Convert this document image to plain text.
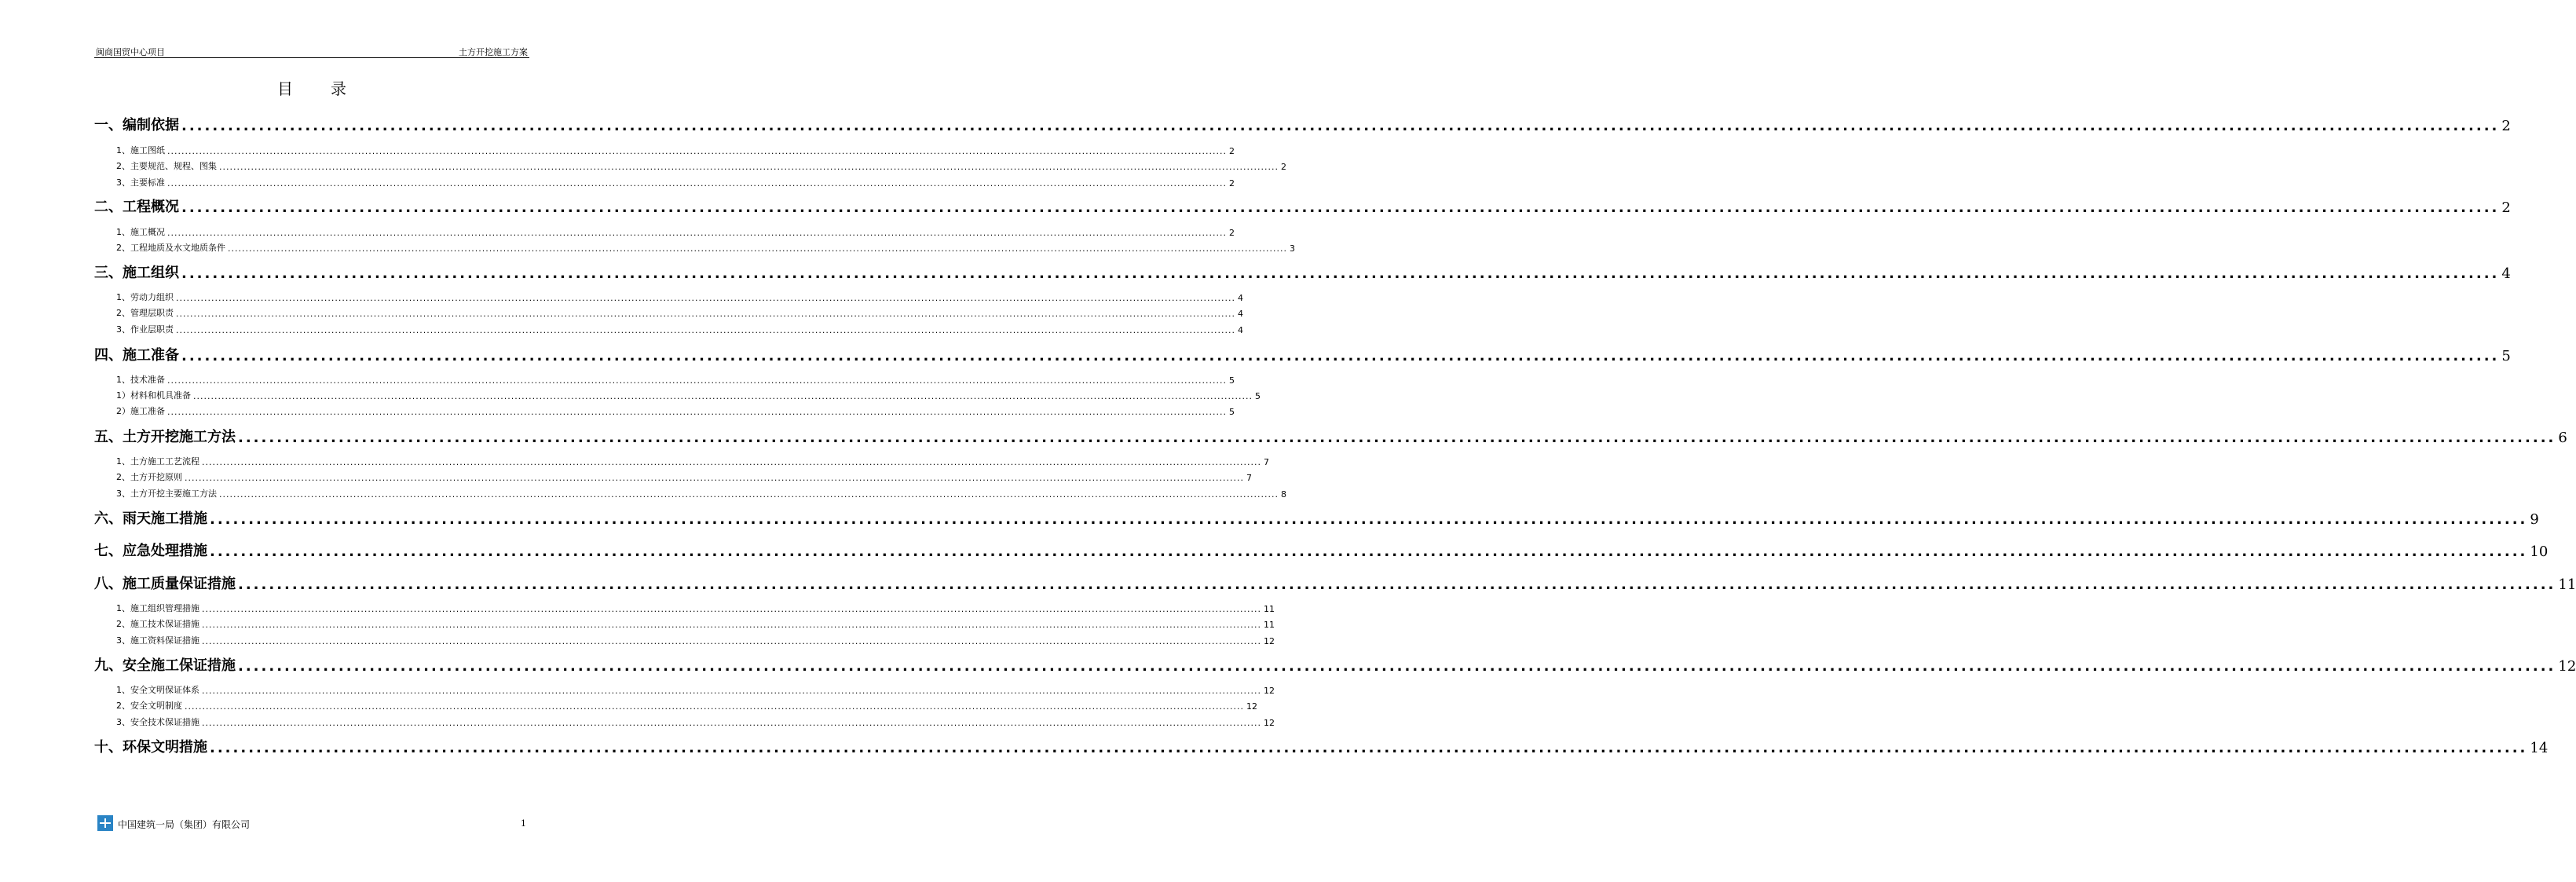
闽商国贸中心项目	土方开挖施工方案
目录
一、编制依据 ............................................................................................................................................................................................................................................................................................................ 2
1、施工图纸 ............................................................................................................................................................................................................................................................................................................ 2
2、主要规范、规程、图集 ............................................................................................................................................................................................................................................................................................................ 2
3、主要标准 ............................................................................................................................................................................................................................................................................................................ 2
二、工程概况 ............................................................................................................................................................................................................................................................................................................ 2
1、施工概况 ............................................................................................................................................................................................................................................................................................................ 2
2、工程地质及水文地质条件 ............................................................................................................................................................................................................................................................................................................ 3
三、施工组织 ............................................................................................................................................................................................................................................................................................................ 4
1、劳动力组织 ............................................................................................................................................................................................................................................................................................................ 4
2、管理层职责 ............................................................................................................................................................................................................................................................................................................ 4
3、作业层职责 ............................................................................................................................................................................................................................................................................................................ 4
四、施工准备 ............................................................................................................................................................................................................................................................................................................ 5
1、技术准备 ............................................................................................................................................................................................................................................................................................................ 5
1）材料和机具准备 ............................................................................................................................................................................................................................................................................................................ 5
2）施工准备 ............................................................................................................................................................................................................................................................................................................ 5
五、土方开挖施工方法 ............................................................................................................................................................................................................................................................................................................ 6
1、土方施工工艺流程 ............................................................................................................................................................................................................................................................................................................ 7
2、土方开挖原则 ............................................................................................................................................................................................................................................................................................................ 7
3、土方开挖主要施工方法 ............................................................................................................................................................................................................................................................................................................ 8
六、雨天施工措施 ............................................................................................................................................................................................................................................................................................................ 9
七、应急处理措施 ............................................................................................................................................................................................................................................................................................................ 10
八、施工质量保证措施 ............................................................................................................................................................................................................................................................................................................ 11
1、施工组织管理措施 ............................................................................................................................................................................................................................................................................................................ 11
2、施工技术保证措施 ............................................................................................................................................................................................................................................................................................................ 11
3、施工资料保证措施 ............................................................................................................................................................................................................................................................................................................ 12
九、安全施工保证措施 ............................................................................................................................................................................................................................................................................................................ 12
1、安全文明保证体系 ............................................................................................................................................................................................................................................................................................................ 12
2、安全文明制度 ............................................................................................................................................................................................................................................................................................................ 12
3、安全技术保证措施 ............................................................................................................................................................................................................................................................................................................ 12
十、环保文明措施 ............................................................................................................................................................................................................................................................................................................ 14
中国建筑一局（集团）有限公司	1
